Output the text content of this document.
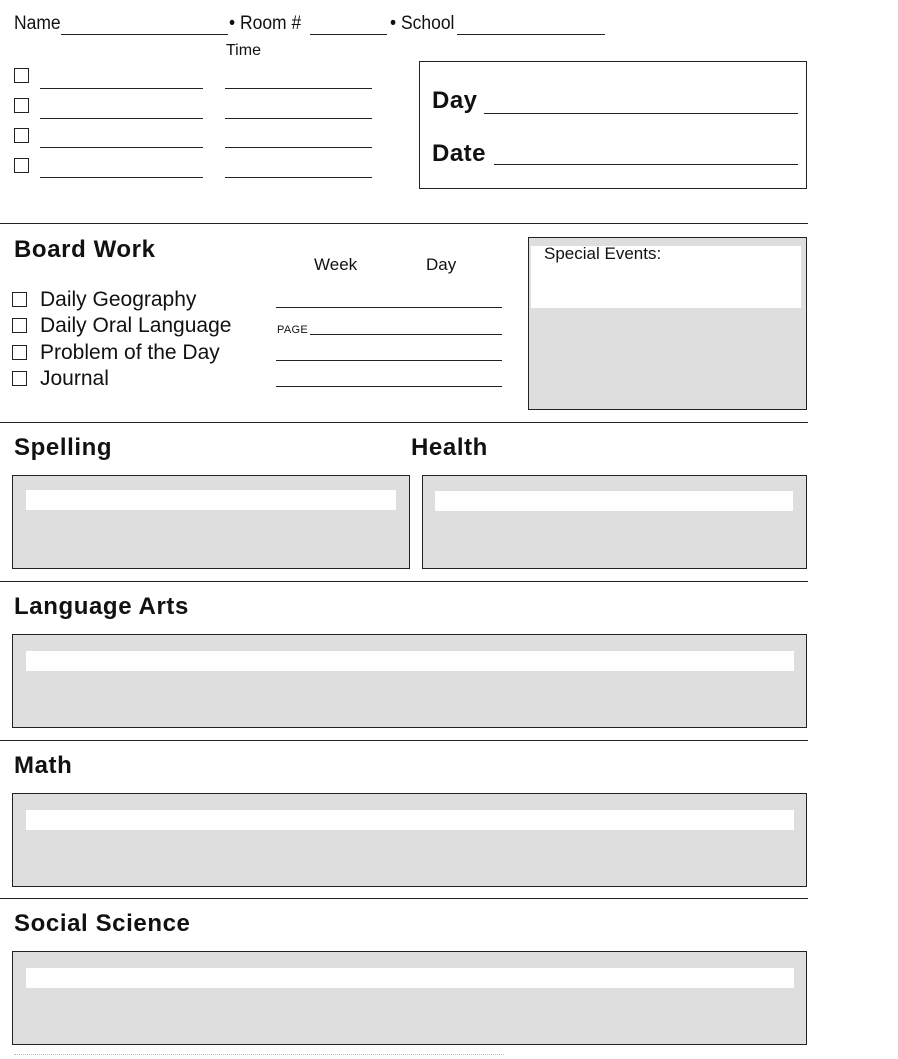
Name	• Room #	• School
Time
Day
Date
Board Work
Week	Day
Daily Geography
Daily Oral Language	PAGE
Problem of the Day
Journal
Special Events:
Spelling	Health
Language Arts
Math
Social Science
